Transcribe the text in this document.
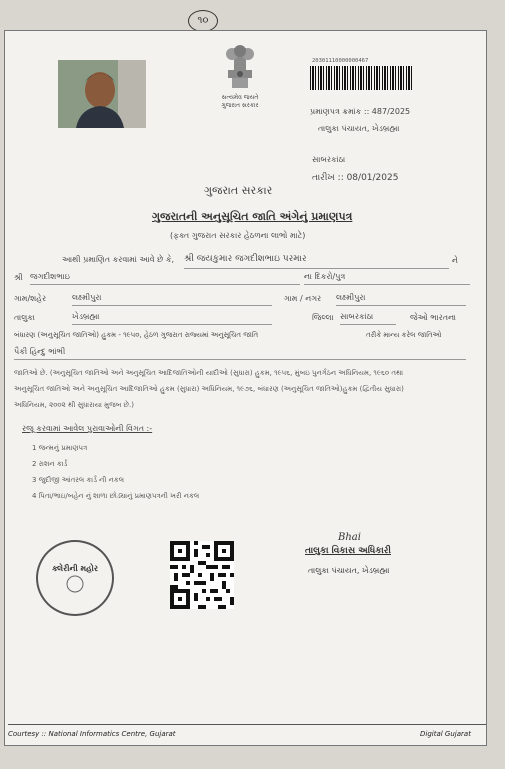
૧૦
સત્યમેવ જયતે
ગુજરાત સરકાર
20301110000000467
પ્રમાણપત્ર ક્રમાંક :: 487/2025
તાલુકા પંચાયત, ખેડબ્રહ્મા
સાબરકાંઠા
તારીખ :: 08/01/2025
ગુજરાત સરકાર
ગુજરાતની અનુસૂચિત જાતિ અંગેનું પ્રમાણપત્ર
(ફક્ત ગુજરાત સરકાર હેઠળના લાભો માટે)
આથી પ્રમાણિત કરવામાં આવે છે કે, શ્રી જયકુમાર જગદીશભાઇ પરમાર	ને
શ્રી જગદીશભાઇ	ના દિકરો/પુત્ર
ગામ/શહેર	લક્ષ્મીપુરા	ગામ / નગર લક્ષ્મીપુરા
તાલુકા	ખેડબ્રહ્મા	જિલ્લા સાબરકાંઠા	જેઓ ભારતના
બંધારણ (અનુસૂચિત જાતિઓ) હુકમ - ૧૯૫૦, હેઠળ ગુજરાત રાજ્યમાં અનુસૂચિત જાતિ	તરીકે માન્ય કરેલ જાતિઓ
પૈકી હિન્દુ ભાંભી
જાતિઓ છે. (અનુસૂચિત જાતિઓ અને અનુસૂચિત આદિજાતિઓની યાદીઓ (સુધારા) હુકમ, ૧૯૫૬, મુંબઇ પુનર્ગઠન અધિનિયમ, ૧૯૬૦ તથા
અનુસૂચિત જાતિઓ અને અનુસૂચિત આદિજાતિઓ હુકમ (સુધારા) અધિનિયમ, ૧૯૭૬, બંધારણ (અનુસૂચિત જાતિઓ)હુકમ (દ્વિતીય સુધારા)
અધિનિયમ, ૨૦૦૨ થી સુધારાયા મુજબ છે.)
રજૂ કરવામાં આવેલ પુરાવાઓની વિગત :-
1 જન્મનું પ્રમાણપત્ર
2 રાશન કાર્ડ
3 જુદીજી આંતરલ કાર્ડ ની નકલ
4 પિતા/ભાઇ/બહેન નું શાળા છોડ્યાનું પ્રમાણપત્રની ખરી નકલ
ક્લેરીની મહોર
Bhai
તાલુકા વિકાસ અધિકારી
તાલુકા પંચાયત, ખેડબ્રહ્મા
Courtesy :: National Informatics Centre, Gujarat	Digital Gujarat
